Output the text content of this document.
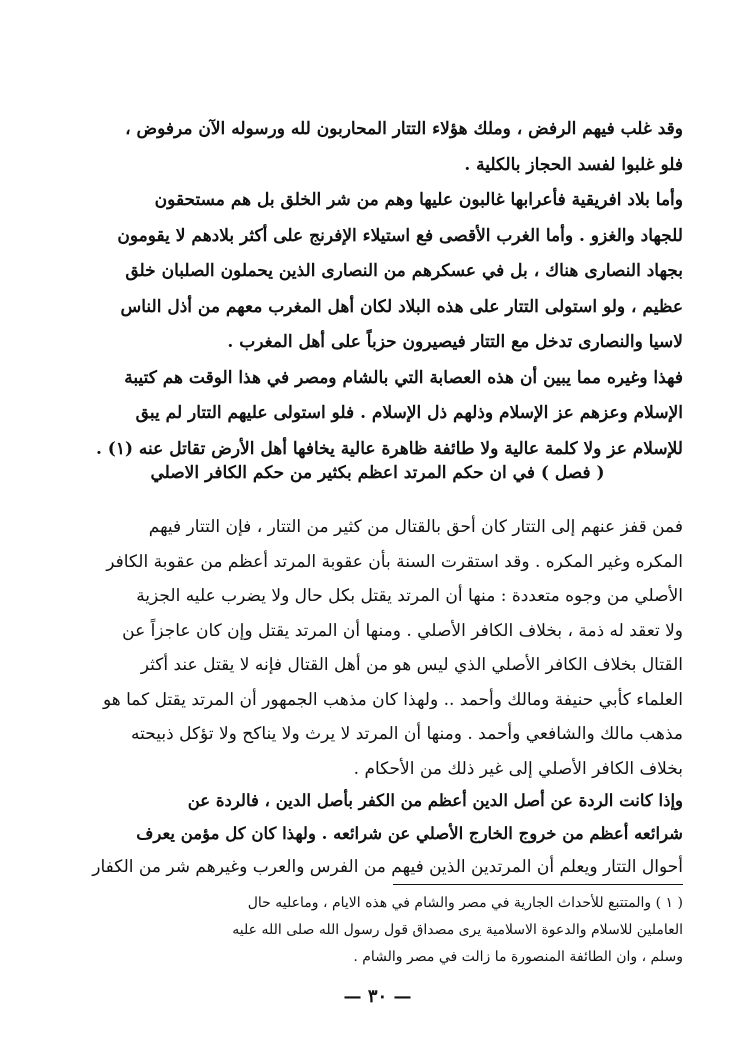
وقد غلب فيهم الرفض ، وملك هؤلاء التتار المحاربون لله ورسوله الآن مرفوض ،
فلو غلبوا لفسد الحجاز بالكلية .
وأما بلاد افريقية فأعرابها غالبون عليها وهم من شر الخلق بل هم مستحقون
للجهاد والغزو . وأما الغرب الأقصى فع استيلاء الإفرنج على أكثر بلادهم لا يقومون
بجهاد النصارى هناك ، بل في عسكرهم من النصارى الذين يحملون الصلبان خلق
عظيم ، ولو استولى التتار على هذه البلاد لكان أهل المغرب معهم من أذل الناس
لاسيا والنصارى تدخل مع التتار فيصيرون حزباً على أهل المغرب .
فهذا وغيره مما يبين أن هذه العصابة التي بالشام ومصر في هذا الوقت هم كتيبة
الإسلام وعزهم عز الإسلام وذلهم ذل الإسلام . فلو استولى عليهم التتار لم يبق
للإسلام عز ولا كلمة عالية ولا طائفة ظاهرة عالية يخافها أهل الأرض تقاتل عنه (١) .
( فصل ) في ان حكم المرتد اعظم بكثير من حكم الكافر الاصلي
فمن قفز عنهم إلى التتار كان أحق بالقتال من كثير من التتار ، فإن التتار فيهم
المكره وغير المكره . وقد استقرت السنة بأن عقوبة المرتد أعظم من عقوبة الكافر
الأصلي من وجوه متعددة : منها أن المرتد يقتل بكل حال ولا يضرب عليه الجزية
ولا تعقد له ذمة ، بخلاف الكافر الأصلي . ومنها أن المرتد يقتل وإن كان عاجزاً عن
القتال بخلاف الكافر الأصلي الذي ليس هو من أهل القتال فإنه لا يقتل عند أكثر
العلماء كأبي حنيفة ومالك وأحمد .. ولهذا كان مذهب الجمهور أن المرتد يقتل كما هو
مذهب مالك والشافعي وأحمد . ومنها أن المرتد لا يرث ولا يناكح ولا تؤكل ذبيحته
بخلاف الكافر الأصلي إلى غير ذلك من الأحكام .
وإذا كانت الردة عن أصل الدين أعظم من الكفر بأصل الدين ، فالردة عن
شرائعه أعظم من خروج الخارج الأصلي عن شرائعه . ولهذا كان كل مؤمن يعرف
أحوال التتار ويعلم أن المرتدين الذين فيهم من الفرس والعرب وغيرهم شر من الكفار
( ١ ) والمتتبع للأحداث الجارية في مصر والشام في هذه الايام ، وماعليه حال
العاملين للاسلام والدعوة الاسلامية يرى مصداق قول رسول الله صلى الله عليه
وسلم ، وان الطائفة المنصورة ما زالت في مصر والشام .
— ٣٠ —
